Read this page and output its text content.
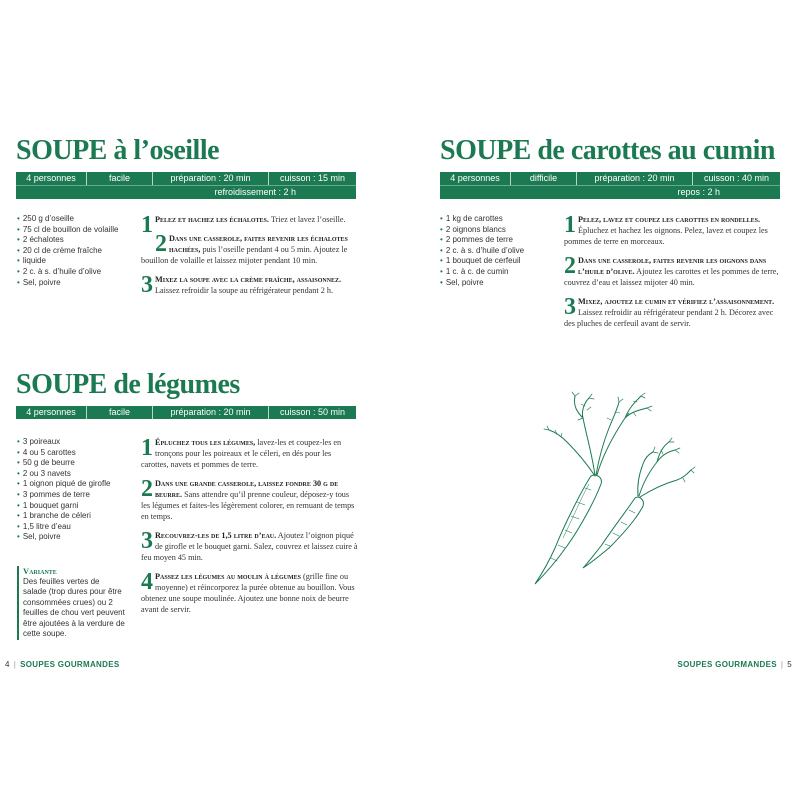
SOUPE à l’oseille
4 personnes	facile	préparation : 20 min	cuisson : 15 min
refroidissement : 2 h
• 250 g d’oseille
• 75 cl de bouillon de volaille
• 2 échalotes
• 20 cl de crème fraîche
• liquide
• 2 c. à s. d’huile d’olive
• Sel, poivre
1 Pelez et hachez les échalotes. Triez et lavez l’oseille.
2 Dans une casserole, faites revenir les échalotes hachées, puis l’oseille pendant 4 ou 5 min. Ajoutez le bouillon de volaille et laissez mijoter pendant 10 min.
3 Mixez la soupe avec la crème fraîche, assaisonnez. Laissez refroidir la soupe au réfrigérateur pendant 2 h.
SOUPE de carottes au cumin
4 personnes	difficile	préparation : 20 min	cuisson : 40 min
repos : 2 h
• 1 kg de carottes
• 2 oignons blancs
• 2 pommes de terre
• 2 c. à s. d’huile d’olive
• 1 bouquet de cerfeuil
• 1 c. à c. de cumin
• Sel, poivre
1 Pelez, lavez et coupez les carottes en rondelles. Épluchez et hachez les oignons. Pelez, lavez et coupez les pommes de terre en morceaux.
2 Dans une casserole, faites revenir les oignons dans l’huile d’olive. Ajoutez les carottes et les pommes de terre, couvrez d’eau et laissez mijoter 40 min.
3 Mixez, ajoutez le cumin et vérifiez l’assaisonnement. Laissez refroidir au réfrigérateur pendant 2 h. Décorez avec des pluches de cerfeuil avant de servir.
SOUPE de légumes
4 personnes	facile	préparation : 20 min	cuisson : 50 min
• 3 poireaux
• 4 ou 5 carottes
• 50 g de beurre
• 2 ou 3 navets
• 1 oignon piqué de girofle
• 3 pommes de terre
• 1 bouquet garni
• 1 branche de céleri
• 1,5 litre d’eau
• Sel, poivre
Variante
Des feuilles vertes de salade (trop dures pour être consommées crues) ou 2 feuilles de chou vert peuvent être ajoutées à la verdure de cette soupe.
1 Épluchez tous les légumes, lavez-les et coupez-les en tronçons pour les poireaux et le céleri, en dés pour les carottes, navets et pommes de terre.
2 Dans une grande casserole, laissez fondre 30 g de beurre. Sans attendre qu’il prenne couleur, déposez-y tous les légumes et faites-les légèrement colorer, en remuant de temps en temps.
3 Recouvrez-les de 1,5 litre d’eau. Ajoutez l’oignon piqué de girofle et le bouquet garni. Salez, couvrez et laissez cuire à feu moyen 45 min.
4 Passez les légumes au moulin à légumes (grille fine ou moyenne) et réincorporez la purée obtenue au bouillon. Vous obtenez une soupe moulinée. Ajoutez une bonne noix de beurre avant de servir.
4 | SOUPES GOURMANDES	SOUPES GOURMANDES | 5
